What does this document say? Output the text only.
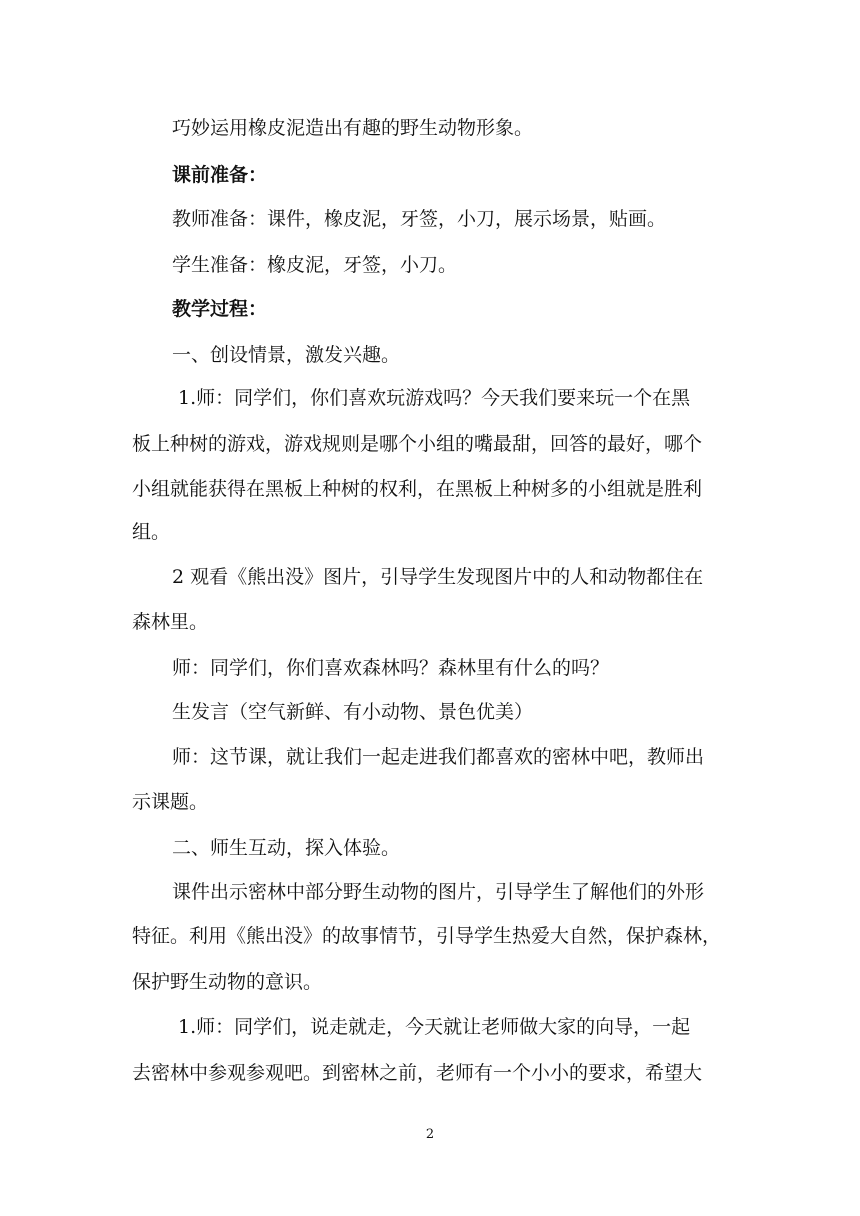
巧妙运用橡皮泥造出有趣的野生动物形象。
课前准备：
教师准备：课件，橡皮泥，牙签，小刀，展示场景，贴画。
学生准备：橡皮泥，牙签，小刀。
教学过程：
一、创设情景，激发兴趣。
1.师：同学们，你们喜欢玩游戏吗？今天我们要来玩一个在黑
板上种树的游戏，游戏规则是哪个小组的嘴最甜，回答的最好，哪个
小组就能获得在黑板上种树的权利，在黑板上种树多的小组就是胜利
组。
2 观看《熊出没》图片，引导学生发现图片中的人和动物都住在
森林里。
师：同学们，你们喜欢森林吗？森林里有什么的吗？
生发言（空气新鲜、有小动物、景色优美）
师：这节课，就让我们一起走进我们都喜欢的密林中吧，教师出
示课题。
二、师生互动，探入体验。
课件出示密林中部分野生动物的图片，引导学生了解他们的外形
特征。利用《熊出没》的故事情节，引导学生热爱大自然，保护森林，
保护野生动物的意识。
1.师：同学们，说走就走，今天就让老师做大家的向导，一起
去密林中参观参观吧。到密林之前，老师有一个小小的要求，希望大
2
